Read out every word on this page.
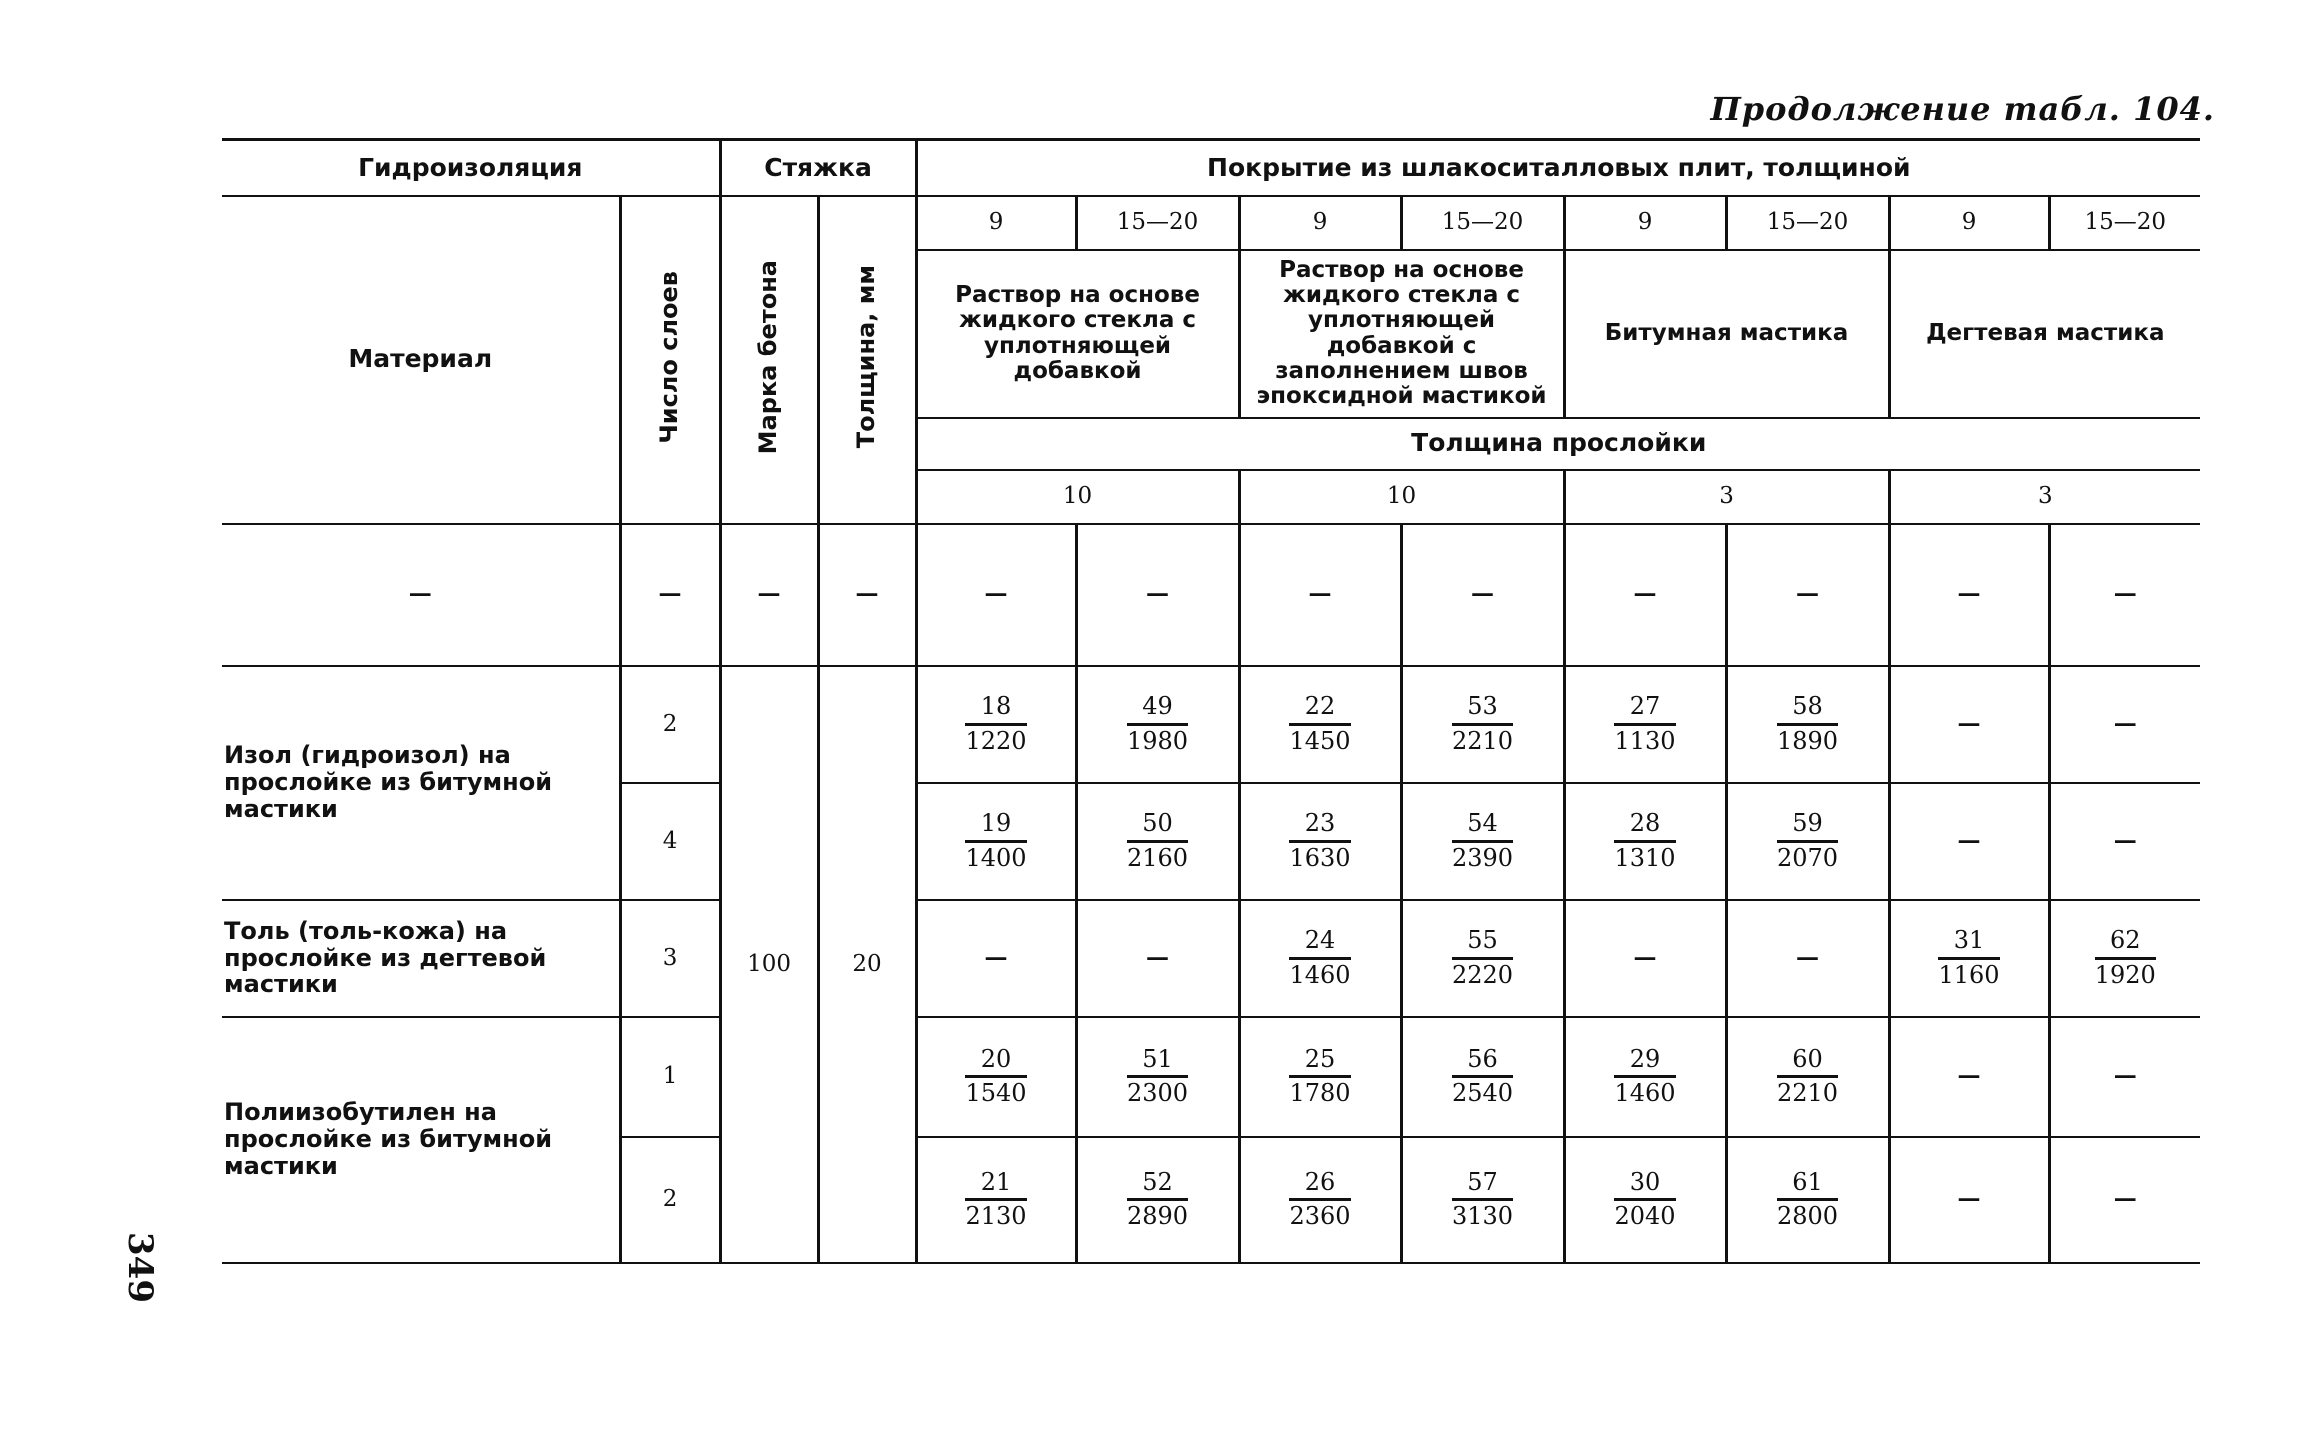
Продолжение табл. 104.
349
Гидроизоляция		Стяжка		Покрытие из шлакоситалловых плит, толщиной							
Материал	Число слоев	Марка бетона	Толщина, мм	9	15—20	9	15—20	9	15—20	9	15—20
				Раствор на основе жидкого стекла с уплотняющей добавкой		Раствор на основе жидкого стекла с уплотняющей добавкой с заполнением швов эпоксидной мастикой		Битумная мастика		Дегтевая мастика	
				Толщина прослойки							
				10		10		3		3	
—	—	—	—	—	—	—	—	—	—	—	—
Изол (гидроизол) на прослойке из битумной мастики	2	100	20	$\frac{18}{1220}$	$\frac{49}{1980}$	$\frac{22}{1450}$	$\frac{53}{2210}$	$\frac{27}{1130}$	$\frac{58}{1890}$	—	—
	4			$\frac{19}{1400}$	$\frac{50}{2160}$	$\frac{23}{1630}$	$\frac{54}{2390}$	$\frac{28}{1310}$	$\frac{59}{2070}$	—	—
Толь (толь-кожа) на прослойке из дегтевой мастики	3			—	—	$\frac{24}{1460}$	$\frac{55}{2220}$	—	—	$\frac{31}{1160}$	$\frac{62}{1920}$

Полиизобутилен на прослойке из битумной мастики	1			$\frac{20}{1540}$	$\frac{51}{2300}$	$\frac{25}{1780}$	$\frac{56}{2540}$	$\frac{29}{1460}$	$\frac{60}{2210}$	—	—
	2			$\frac{21}{2130}$	$\frac{52}{2890}$	$\frac{26}{2360}$	$\frac{57}{3130}$	$\frac{30}{2040}$	$\frac{61}{2800}$	—	—
